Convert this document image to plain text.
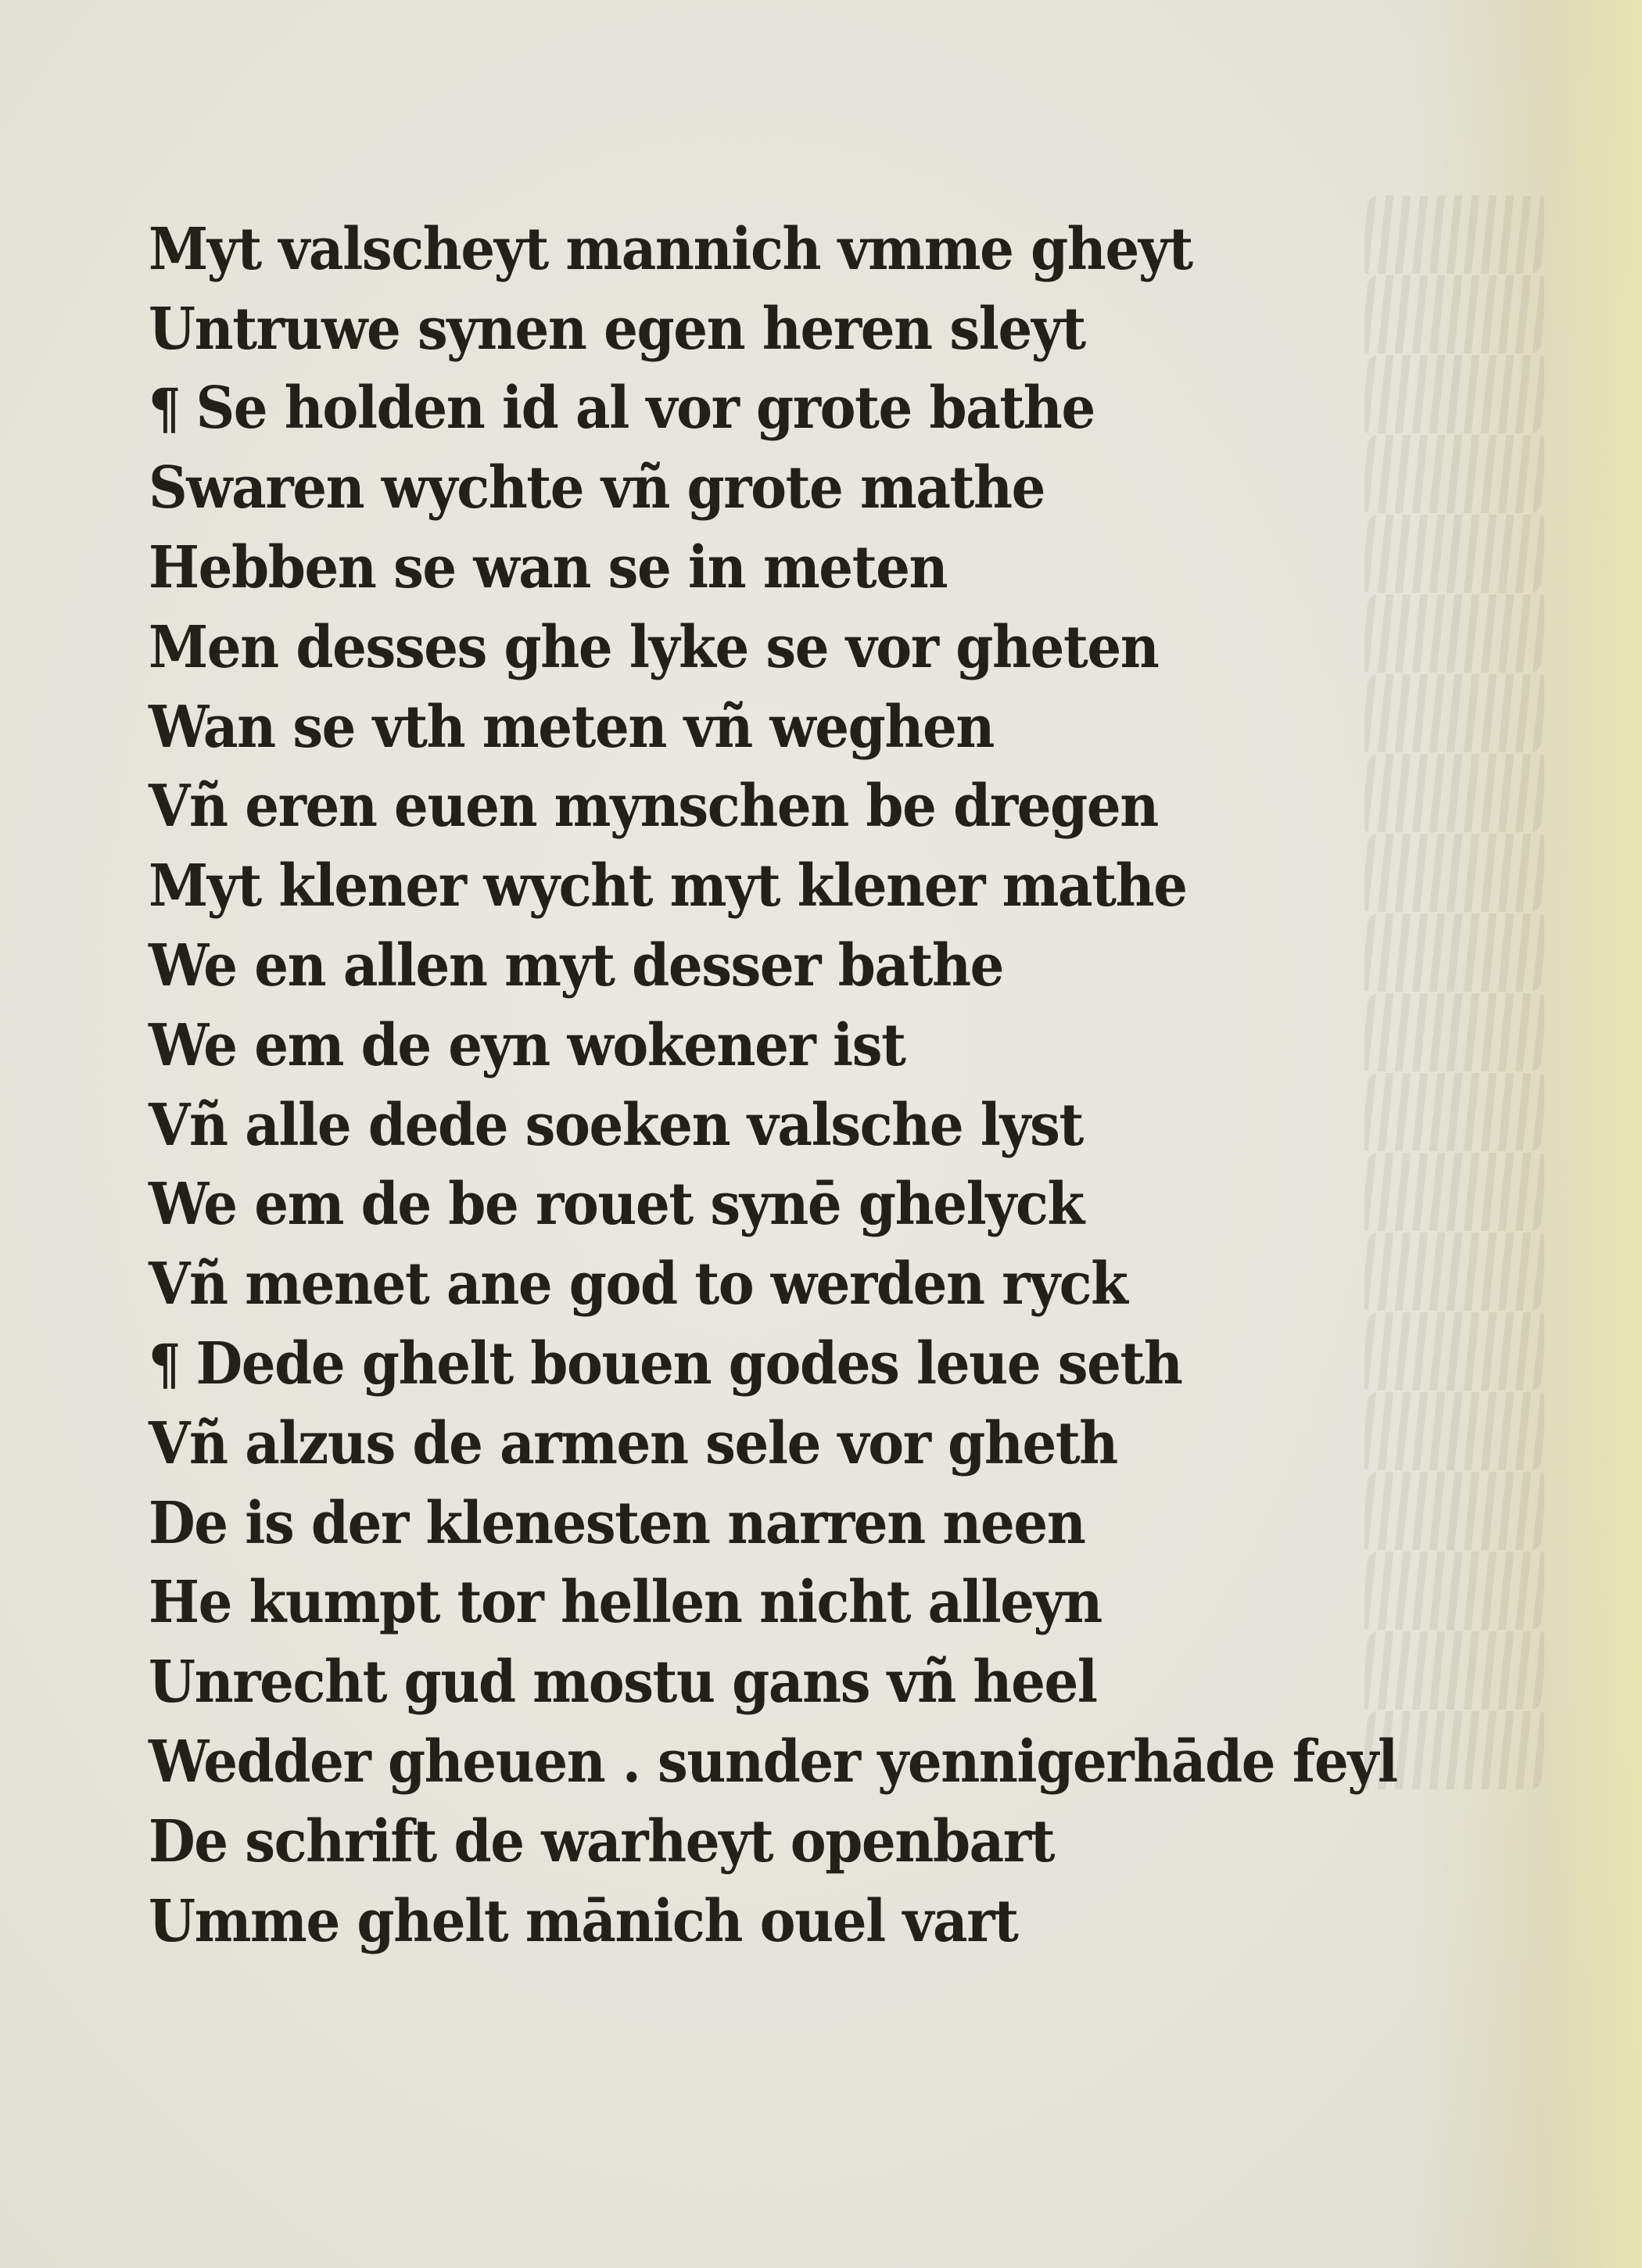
Myt valscheyt mannich vmme gheyt
Untruwe synen egen heren sleyt
¶ Se holden id al vor grote bathe
Swaren wychte vñ grote mathe
Hebben se wan se in meten
Men desses ghe lyke se vor gheten
Wan se vth meten vñ weghen
Vñ eren euen mynschen be dregen
Myt klener wycht myt klener mathe
We en allen myt desser bathe
We em de eyn wokener ist
Vñ alle dede soeken valsche lyst
We em de be rouet synē ghelyck
Vñ menet ane god to werden ryck
¶ Dede ghelt bouen godes leue seth
Vñ alzus de armen sele vor gheth
De is der klenesten narren neen
He kumpt tor hellen nicht alleyn
Unrecht gud mostu gans vñ heel
Wedder gheuen . sunder yennigerhāde feyl
De schrift de warheyt openbart
Umme ghelt mānich ouel vart
